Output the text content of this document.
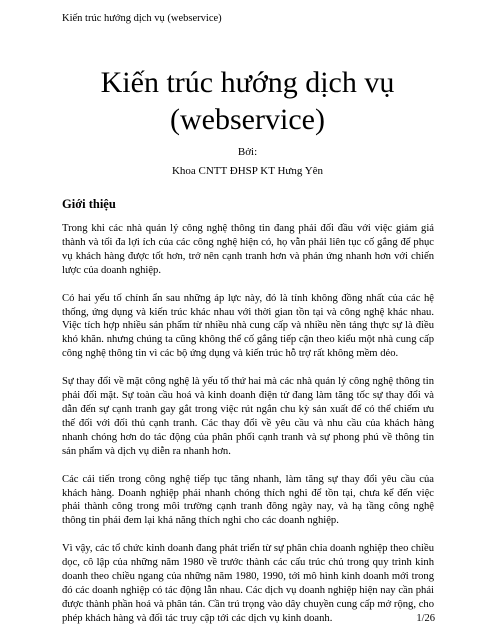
Kiến trúc hướng dịch vụ (webservice)
Kiến trúc hướng dịch vụ
(webservice)
Bởi:
Khoa CNTT ĐHSP KT Hưng Yên
Giới thiệu

Trong khi các nhà quản lý công nghệ thông tin đang phải đối đầu với việc giảm giá thành và tối đa lợi ích của các công nghệ hiện có, họ vẫn phải liên tục cố gắng để phục vụ khách hàng được tốt hơn, trở nên cạnh tranh hơn và phản ứng nhanh hơn với chiến lược của doanh nghiệp.

Có hai yếu tố chính ẩn sau những áp lực này, đó là tính không đồng nhất của các hệ thống, ứng dụng và kiến trúc khác nhau với thời gian tồn tại và công nghệ khác nhau. Việc tích hợp nhiều sản phẩm từ nhiều nhà cung cấp và nhiều nền tảng thực sự là điều khó khăn. nhưng chúng ta cũng không thể cố gắng tiếp cận theo kiểu một nhà cung cấp công nghệ thông tin vì các bộ ứng dụng và kiến trúc hỗ trợ rất không mềm dẻo.

Sự thay đổi về mặt công nghệ là yếu tố thứ hai mà các nhà quản lý công nghệ thông tin phải đối mặt. Sự toàn cầu hoá và kinh doanh điện tử đang làm tăng tốc sự thay đổi và dẫn đến sự cạnh tranh gay gắt trong việc rút ngắn chu kỳ sản xuất để có thể chiếm ưu thế đối với đối thủ cạnh tranh. Các thay đổi về yêu cầu và nhu cầu của khách hàng nhanh chóng hơn do tác động của phân phối cạnh tranh và sự phong phú về thông tin sản phẩm và dịch vụ diễn ra nhanh hơn.

Các cải tiến trong công nghệ tiếp tục tăng nhanh, làm tăng sự thay đổi yêu cầu của khách hàng. Doanh nghiệp phải nhanh chóng thích nghi để tồn tại, chưa kể đến việc phải thành công trong môi trường cạnh tranh đông ngày nay, và hạ tầng công nghệ thông tin phải đem lại khả năng thích nghi cho các doanh nghiệp.

Vì vậy, các tổ chức kinh doanh đang phát triển từ sự phân chia doanh nghiệp theo chiều dọc, cô lập của những năm 1980 về trước thành các cấu trúc chủ trong quy trình kinh doanh theo chiều ngang của những năm 1980, 1990, tới mô hình kinh doanh mới trong đó các doanh nghiệp có tác động lẫn nhau. Các dịch vụ doanh nghiệp hiện nay cần phải được thành phần hoá và phân tán. Cần trú trọng vào dây chuyền cung cấp mở rộng, cho phép khách hàng và đối tác truy cập tới các dịch vụ kinh doanh.	1/26
